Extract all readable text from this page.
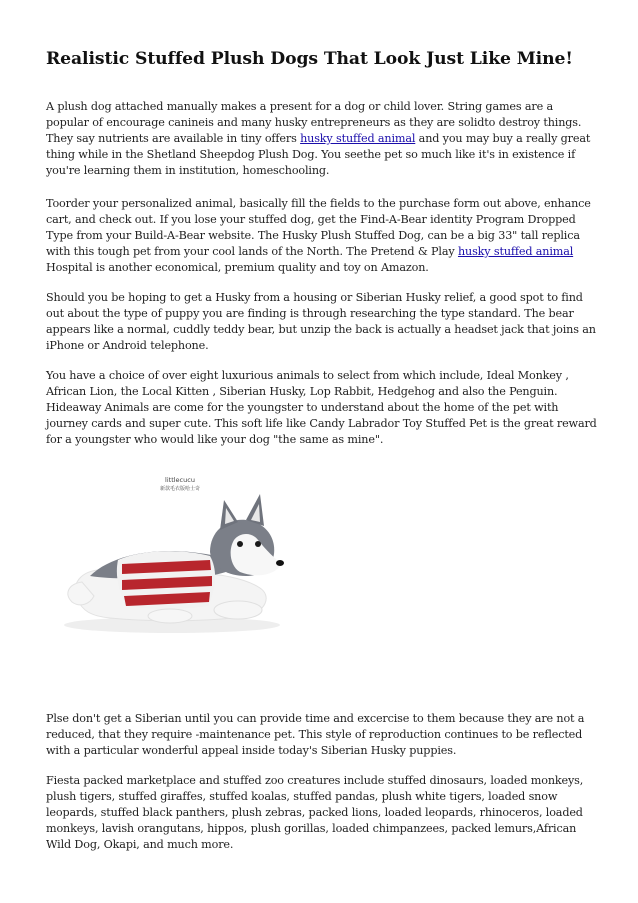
Realistic Stuffed Plush Dogs That Look Just Like Mine!

A plush dog attached manually makes a present for a dog or child lover. String games are a popular of encourage canineis and many husky entrepreneurs as they are solidto destroy things. They say nutrients are available in tiny offers husky stuffed animal and you may buy a really great thing while in the Shetland Sheepdog Plush Dog. You seethe pet so much like it's in existence if you're learning them in institution, homeschooling.

Toorder your personalized animal, basically fill the fields to the purchase form out above, enhance cart, and check out. If you lose your stuffed dog, get the Find-A-Bear identity Program Dropped Type from your Build-A-Bear website. The Husky Plush Stuffed Dog, can be a big 33" tall replica with this tough pet from your cool lands of the North. The Pretend & Play husky stuffed animal Hospital is another economical, premium quality and toy on Amazon.

Should you be hoping to get a Husky from a housing or Siberian Husky relief, a good spot to find out about the type of puppy you are finding is through researching the type standard. The bear appears like a normal, cuddly teddy bear, but unzip the back is actually a headset jack that joins an iPhone or Android telephone.

You have a choice of over eight luxurious animals to select from which include, Ideal Monkey , African Lion, the Local Kitten , Siberian Husky, Lop Rabbit, Hedgehog and also the Penguin. Hideaway Animals are come for the youngster to understand about the home of the pet with journey cards and super cute. This soft life like Candy Labrador Toy Stuffed Pet is the great reward for a youngster who would like your dog "the same as mine".

littlecucu
新款毛衣版哈士奇

Plse don't get a Siberian until you can provide time and excercise to them because they are not a reduced, that they require -maintenance pet. This style of reproduction continues to be reflected with a particular wonderful appeal inside today's Siberian Husky puppies.

Fiesta packed marketplace and stuffed zoo creatures include stuffed dinosaurs, loaded monkeys, plush tigers, stuffed giraffes, stuffed koalas, stuffed pandas, plush white tigers, loaded snow leopards, stuffed black panthers, plush zebras, packed lions, loaded leopards, rhinoceros, loaded monkeys, lavish orangutans, hippos, plush gorillas, loaded chimpanzees, packed lemurs,African Wild Dog, Okapi, and much more.
